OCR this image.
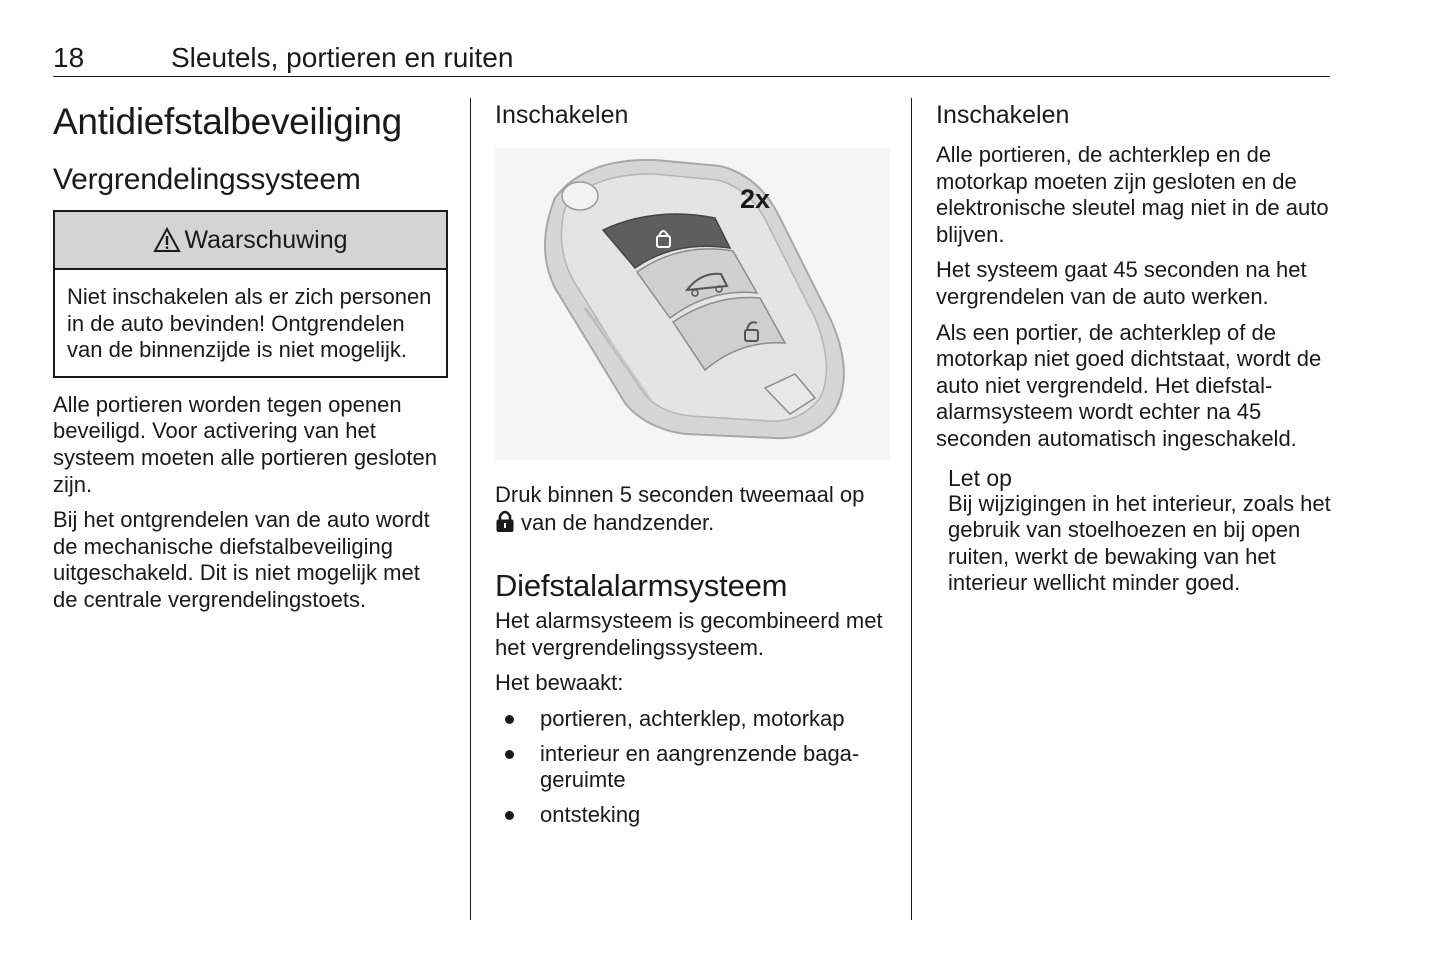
18	Sleutels, portieren en ruiten
Antidiefstalbeveiliging
Vergrendelingssysteem
Waarschuwing
Niet inschakelen als er zich personen in de auto bevinden! Ontgrendelen van de binnenzijde is niet mogelijk.

Alle portieren worden tegen openen beveiligd. Voor activering van het systeem moeten alle portieren gesloten zijn.

Bij het ontgrendelen van de auto wordt de mechanische diefstalbeveiliging uitgeschakeld. Dit is niet mogelijk met de centrale vergrendelingstoets.

Inschakelen
2x

Druk binnen 5 seconden tweemaal op
van de handzender.

Diefstalalarmsysteem

Het alarmsysteem is gecombineerd met het vergrendelingssysteem.

Het bewaakt:

portieren, achterklep, motorkap
interieur en aangrenzende bagageruimte
ontsteking
Inschakelen

Alle portieren, de achterklep en de motorkap moeten zijn gesloten en de elektronische sleutel mag niet in de auto blijven.

Het systeem gaat 45 seconden na het vergrendelen van de auto werken.

Als een portier, de achterklep of de motorkap niet goed dichtstaat, wordt de auto niet vergrendeld. Het diefstalalarmsysteem wordt echter na 45 seconden automatisch ingeschakeld.

Let op

Bij wijzigingen in het interieur, zoals het gebruik van stoelhoezen en bij open ruiten, werkt de bewaking van het interieur wellicht minder goed.
